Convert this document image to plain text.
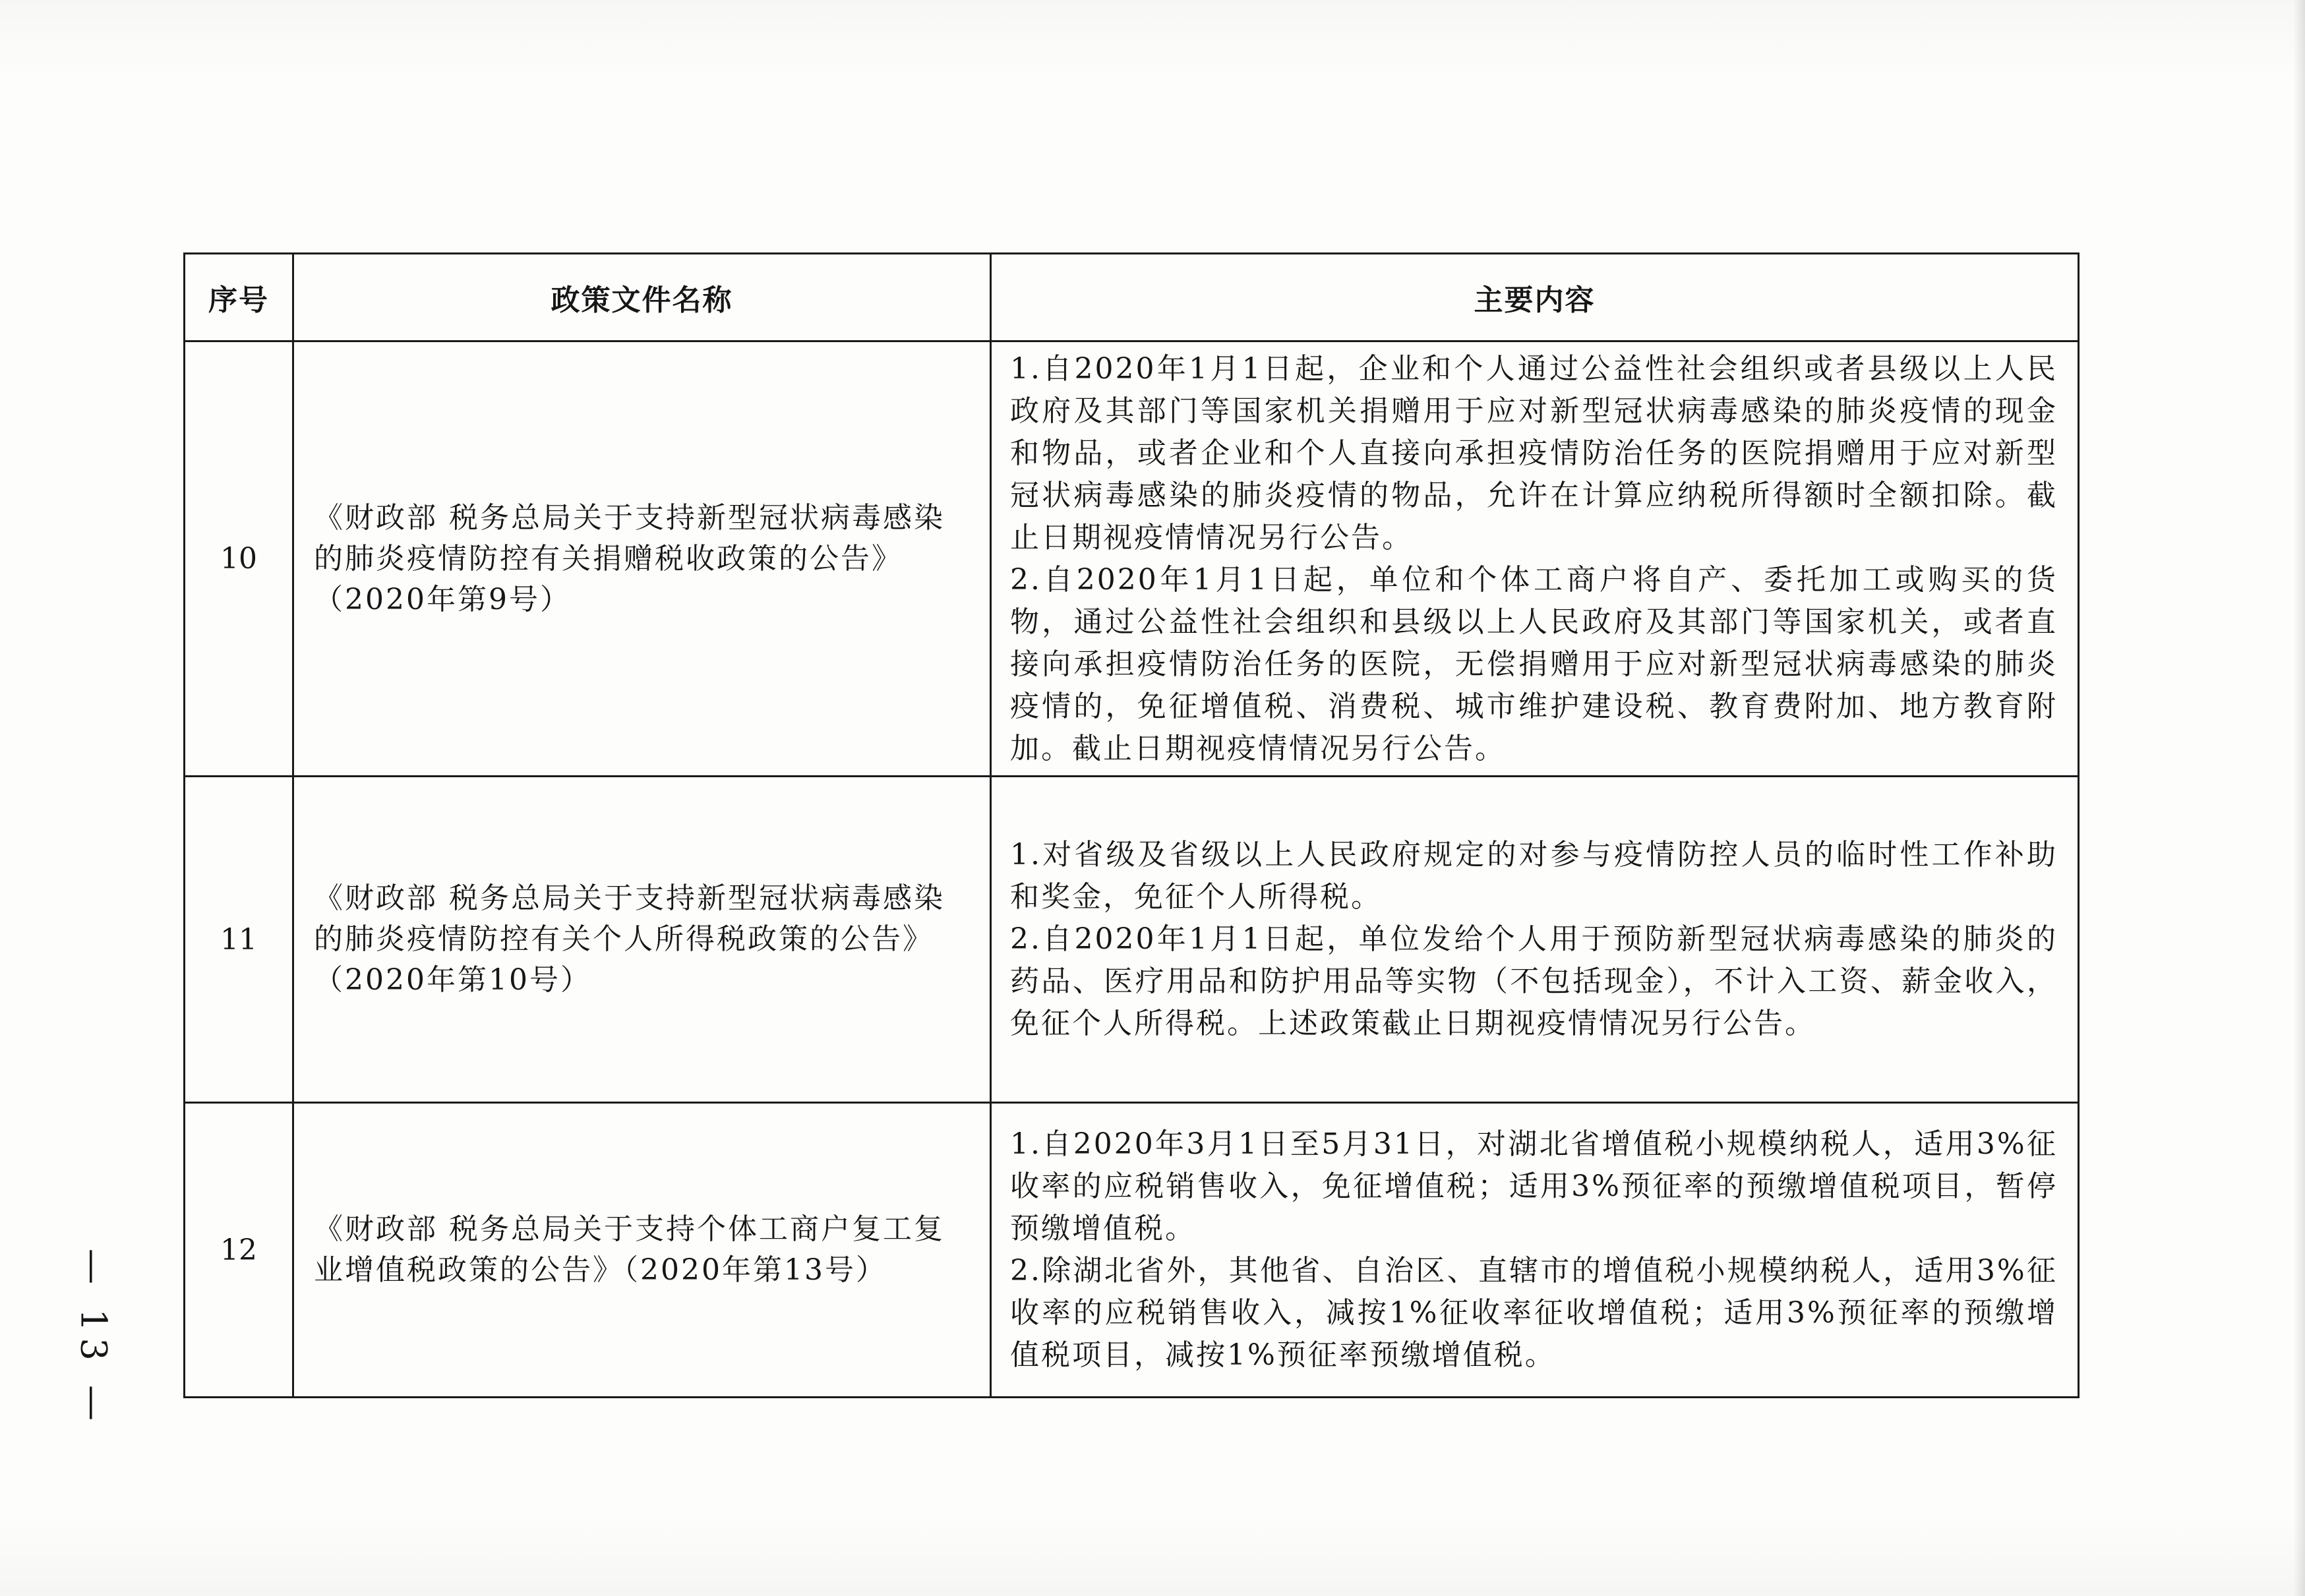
序号	政策文件名称	主要内容
10	《财政部 税务总局关于支持新型冠状病毒感染的肺炎疫情防控有关捐赠税收政策的公告》（2020年第9号）	1.自2020年1月1日起，企业和个人通过公益性社会组织或者县级以上人民政府及其部门等国家机关捐赠用于应对新型冠状病毒感染的肺炎疫情的现金和物品，或者企业和个人直接向承担疫情防治任务的医院捐赠用于应对新型冠状病毒感染的肺炎疫情的物品，允许在计算应纳税所得额时全额扣除。截止日期视疫情情况另行公告。
2.自2020年1月1日起，单位和个体工商户将自产、委托加工或购买的货物，通过公益性社会组织和县级以上人民政府及其部门等国家机关，或者直接向承担疫情防治任务的医院，无偿捐赠用于应对新型冠状病毒感染的肺炎疫情的，免征增值税、消费税、城市维护建设税、教育费附加、地方教育附加。截止日期视疫情情况另行公告。

11	《财政部 税务总局关于支持新型冠状病毒感染的肺炎疫情防控有关个人所得税政策的公告》（2020年第10号）	1.对省级及省级以上人民政府规定的对参与疫情防控人员的临时性工作补助和奖金，免征个人所得税。
2.自2020年1月1日起，单位发给个人用于预防新型冠状病毒感染的肺炎的药品、医疗用品和防护用品等实物（不包括现金），不计入工资、薪金收入，免征个人所得税。上述政策截止日期视疫情情况另行公告。

12	《财政部 税务总局关于支持个体工商户复工复业增值税政策的公告》（2020年第13号）	1.自2020年3月1日至5月31日，对湖北省增值税小规模纳税人，适用3%征收率的应税销售收入，免征增值税；适用3%预征率的预缴增值税项目，暂停预缴增值税。
2.除湖北省外，其他省、自治区、直辖市的增值税小规模纳税人，适用3%征收率的应税销售收入，减按1%征收率征收增值税；适用3%预征率的预缴增值税项目，减按1%预征率预缴增值税。
— 13 —
